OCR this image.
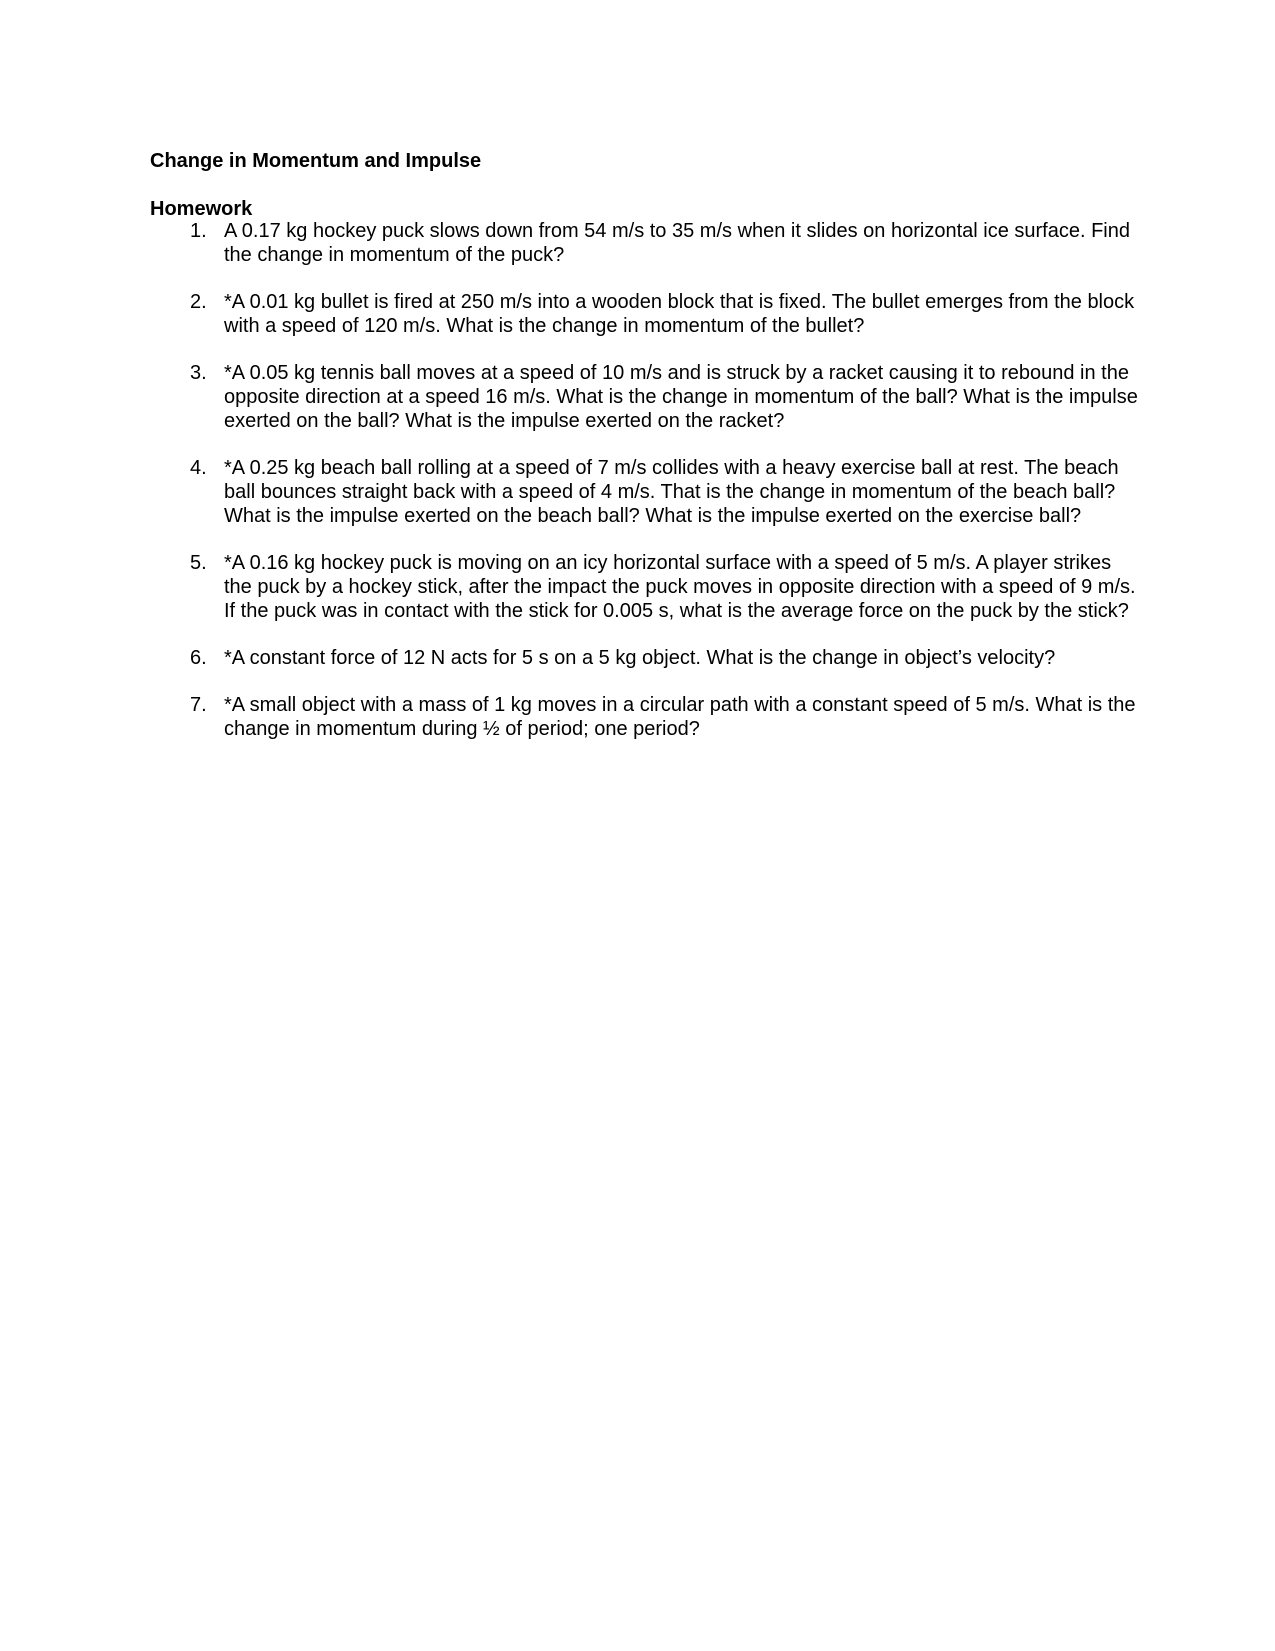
Change in Momentum and Impulse
Homework
1. A 0.17 kg hockey puck slows down from 54 m/s to 35 m/s when it slides on horizontal ice surface. Find the change in momentum of the puck?
2. *A 0.01 kg bullet is fired at 250 m/s into a wooden block that is fixed. The bullet emerges from the block with a speed of 120 m/s. What is the change in momentum of the bullet?
3. *A 0.05 kg tennis ball moves at a speed of 10 m/s and is struck by a racket causing it to rebound in the opposite direction at a speed 16 m/s. What is the change in momentum of the ball? What is the impulse exerted on the ball? What is the impulse exerted on the racket?
4. *A 0.25 kg beach ball rolling at a speed of 7 m/s collides with a heavy exercise ball at rest. The beach ball bounces straight back with a speed of 4 m/s. That is the change in momentum of the beach ball? What is the impulse exerted on the beach ball? What is the impulse exerted on the exercise ball?
5. *A 0.16 kg hockey puck is moving on an icy horizontal surface with a speed of 5 m/s. A player strikes the puck by a hockey stick, after the impact the puck moves in opposite direction with a speed of 9 m/s. If the puck was in contact with the stick for 0.005 s, what is the average force on the puck by the stick?
6. *A constant force of 12 N acts for 5 s on a 5 kg object. What is the change in object’s velocity?
7. *A small object with a mass of 1 kg moves in a circular path with a constant speed of 5 m/s. What is the change in momentum during ½ of period; one period?
